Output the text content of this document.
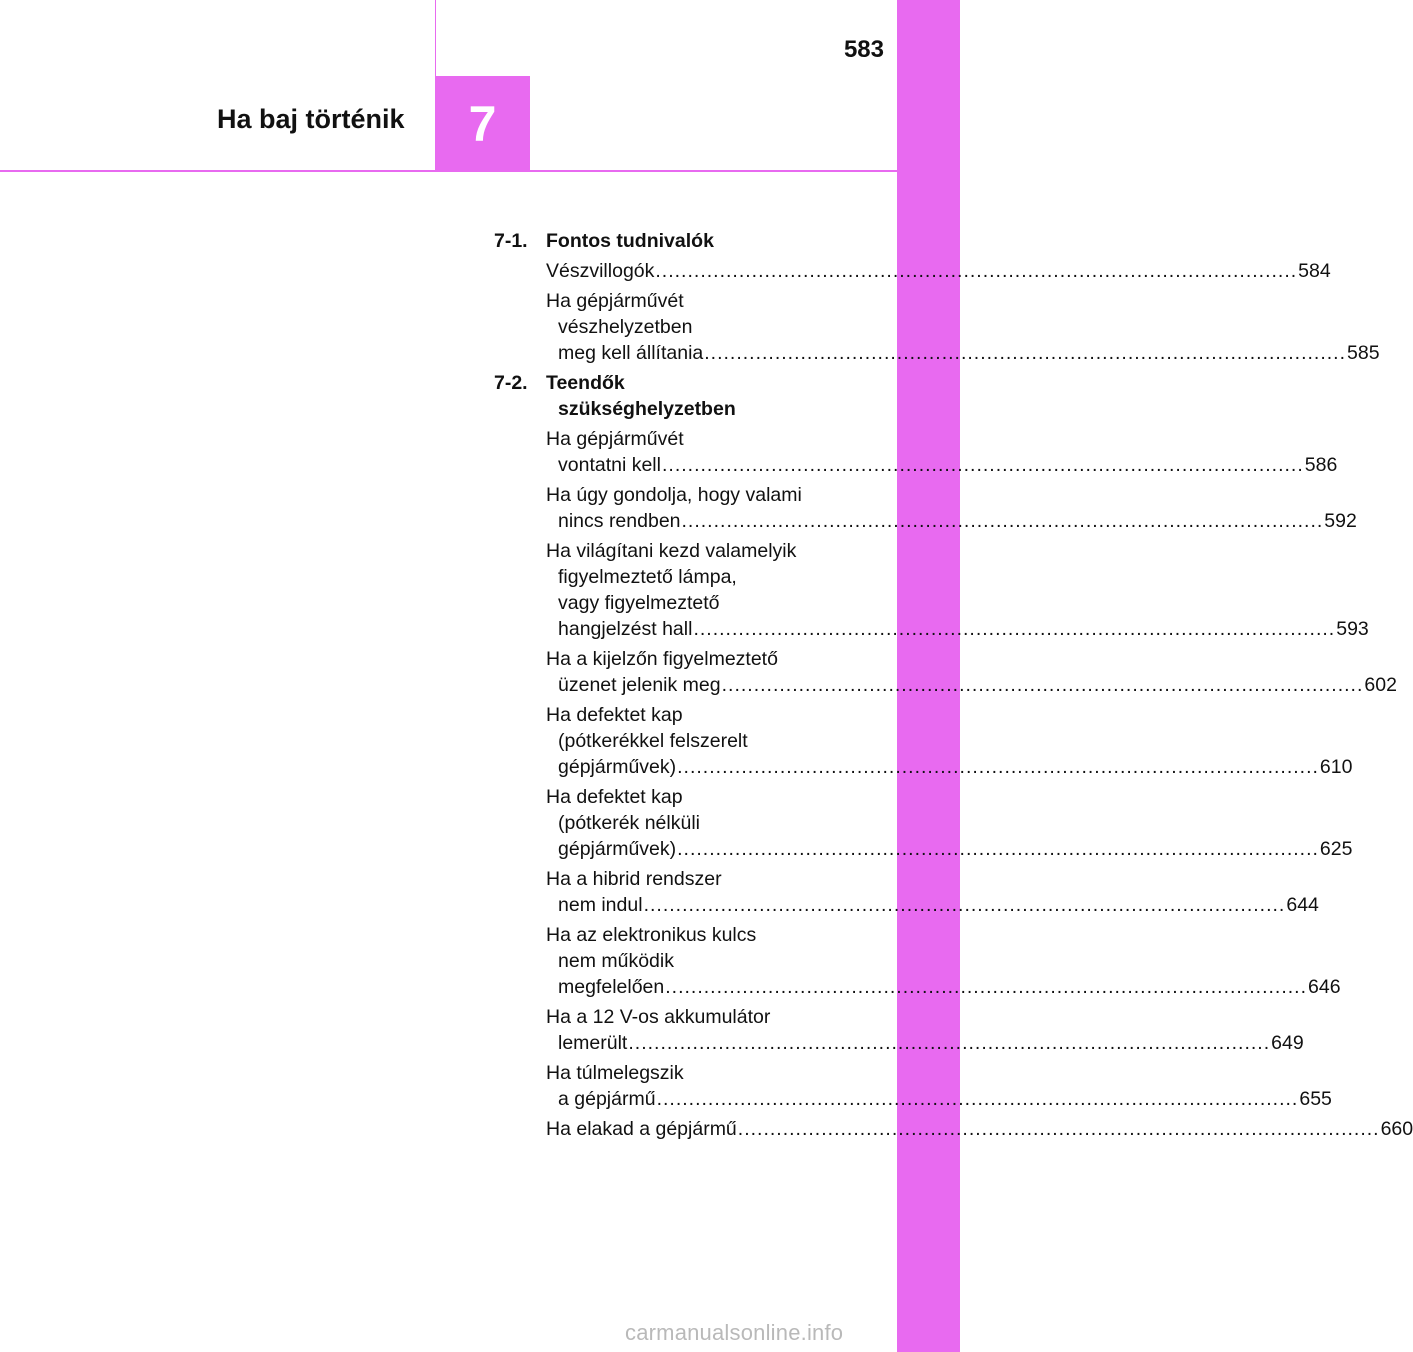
Ha baj történik 7
583
7-1. Fontos tudnivalók
Vészvillogók .....	584
Ha gépjárművét
vészhelyzetben
meg kell állítania .....	585
7-2. Teendők
szükséghelyzetben
Ha gépjárművét
vontatni kell .....	586
Ha úgy gondolja, hogy valami
nincs rendben .....	592
Ha világítani kezd valamelyik
figyelmeztető lámpa,
vagy figyelmeztető
hangjelzést hall .....	593
Ha a kijelzőn figyelmeztető
üzenet jelenik meg .....	602
Ha defektet kap
(pótkerékkel felszerelt
gépjárművek) .....	610
Ha defektet kap
(pótkerék nélküli
gépjárművek) .....	625
Ha a hibrid rendszer
nem indul .....	644
Ha az elektronikus kulcs
nem működik
megfelelően .....	646
Ha a 12 V-os akkumulátor
lemerült .....	649
Ha túlmelegszik
a gépjármű .....	655
Ha elakad a gépjármű .....	660
carmanualsonline.info
